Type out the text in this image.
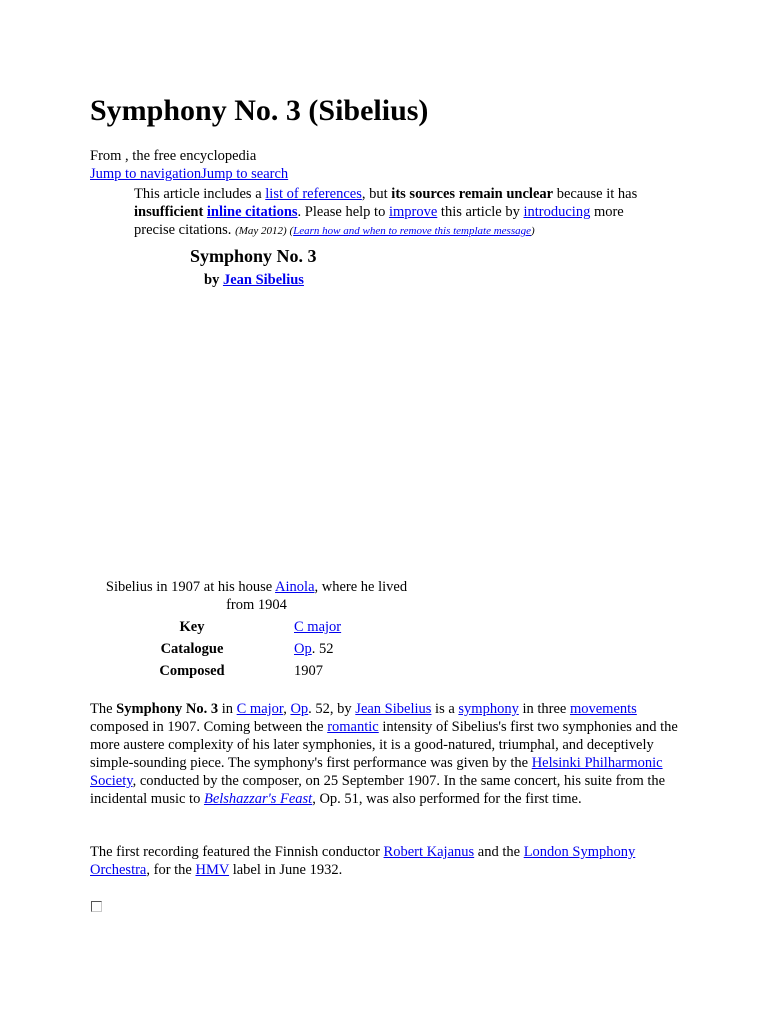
Symphony No. 3 (Sibelius)
From , the free encyclopedia
Jump to navigationJump to search
This article includes a list of references, but its sources remain unclear because it has insufficient inline citations. Please help to improve this article by introducing more precise citations. (May 2012) (Learn how and when to remove this template message)
Symphony No. 3
by Jean Sibelius
Sibelius in 1907 at his house Ainola, where he lived from 1904
Key	C major
Catalogue	Op. 52
Composed	1907

The Symphony No. 3 in C major, Op. 52, by Jean Sibelius is a symphony in three movements composed in 1907. Coming between the romantic intensity of Sibelius's first two symphonies and the more austere complexity of his later symphonies, it is a good-natured, triumphal, and deceptively simple-sounding piece. The symphony's first performance was given by the Helsinki Philharmonic Society, conducted by the composer, on 25 September 1907. In the same concert, his suite from the incidental music to Belshazzar's Feast, Op. 51, was also performed for the first time.

The first recording featured the Finnish conductor Robert Kajanus and the London Symphony Orchestra, for the HMV label in June 1932.
